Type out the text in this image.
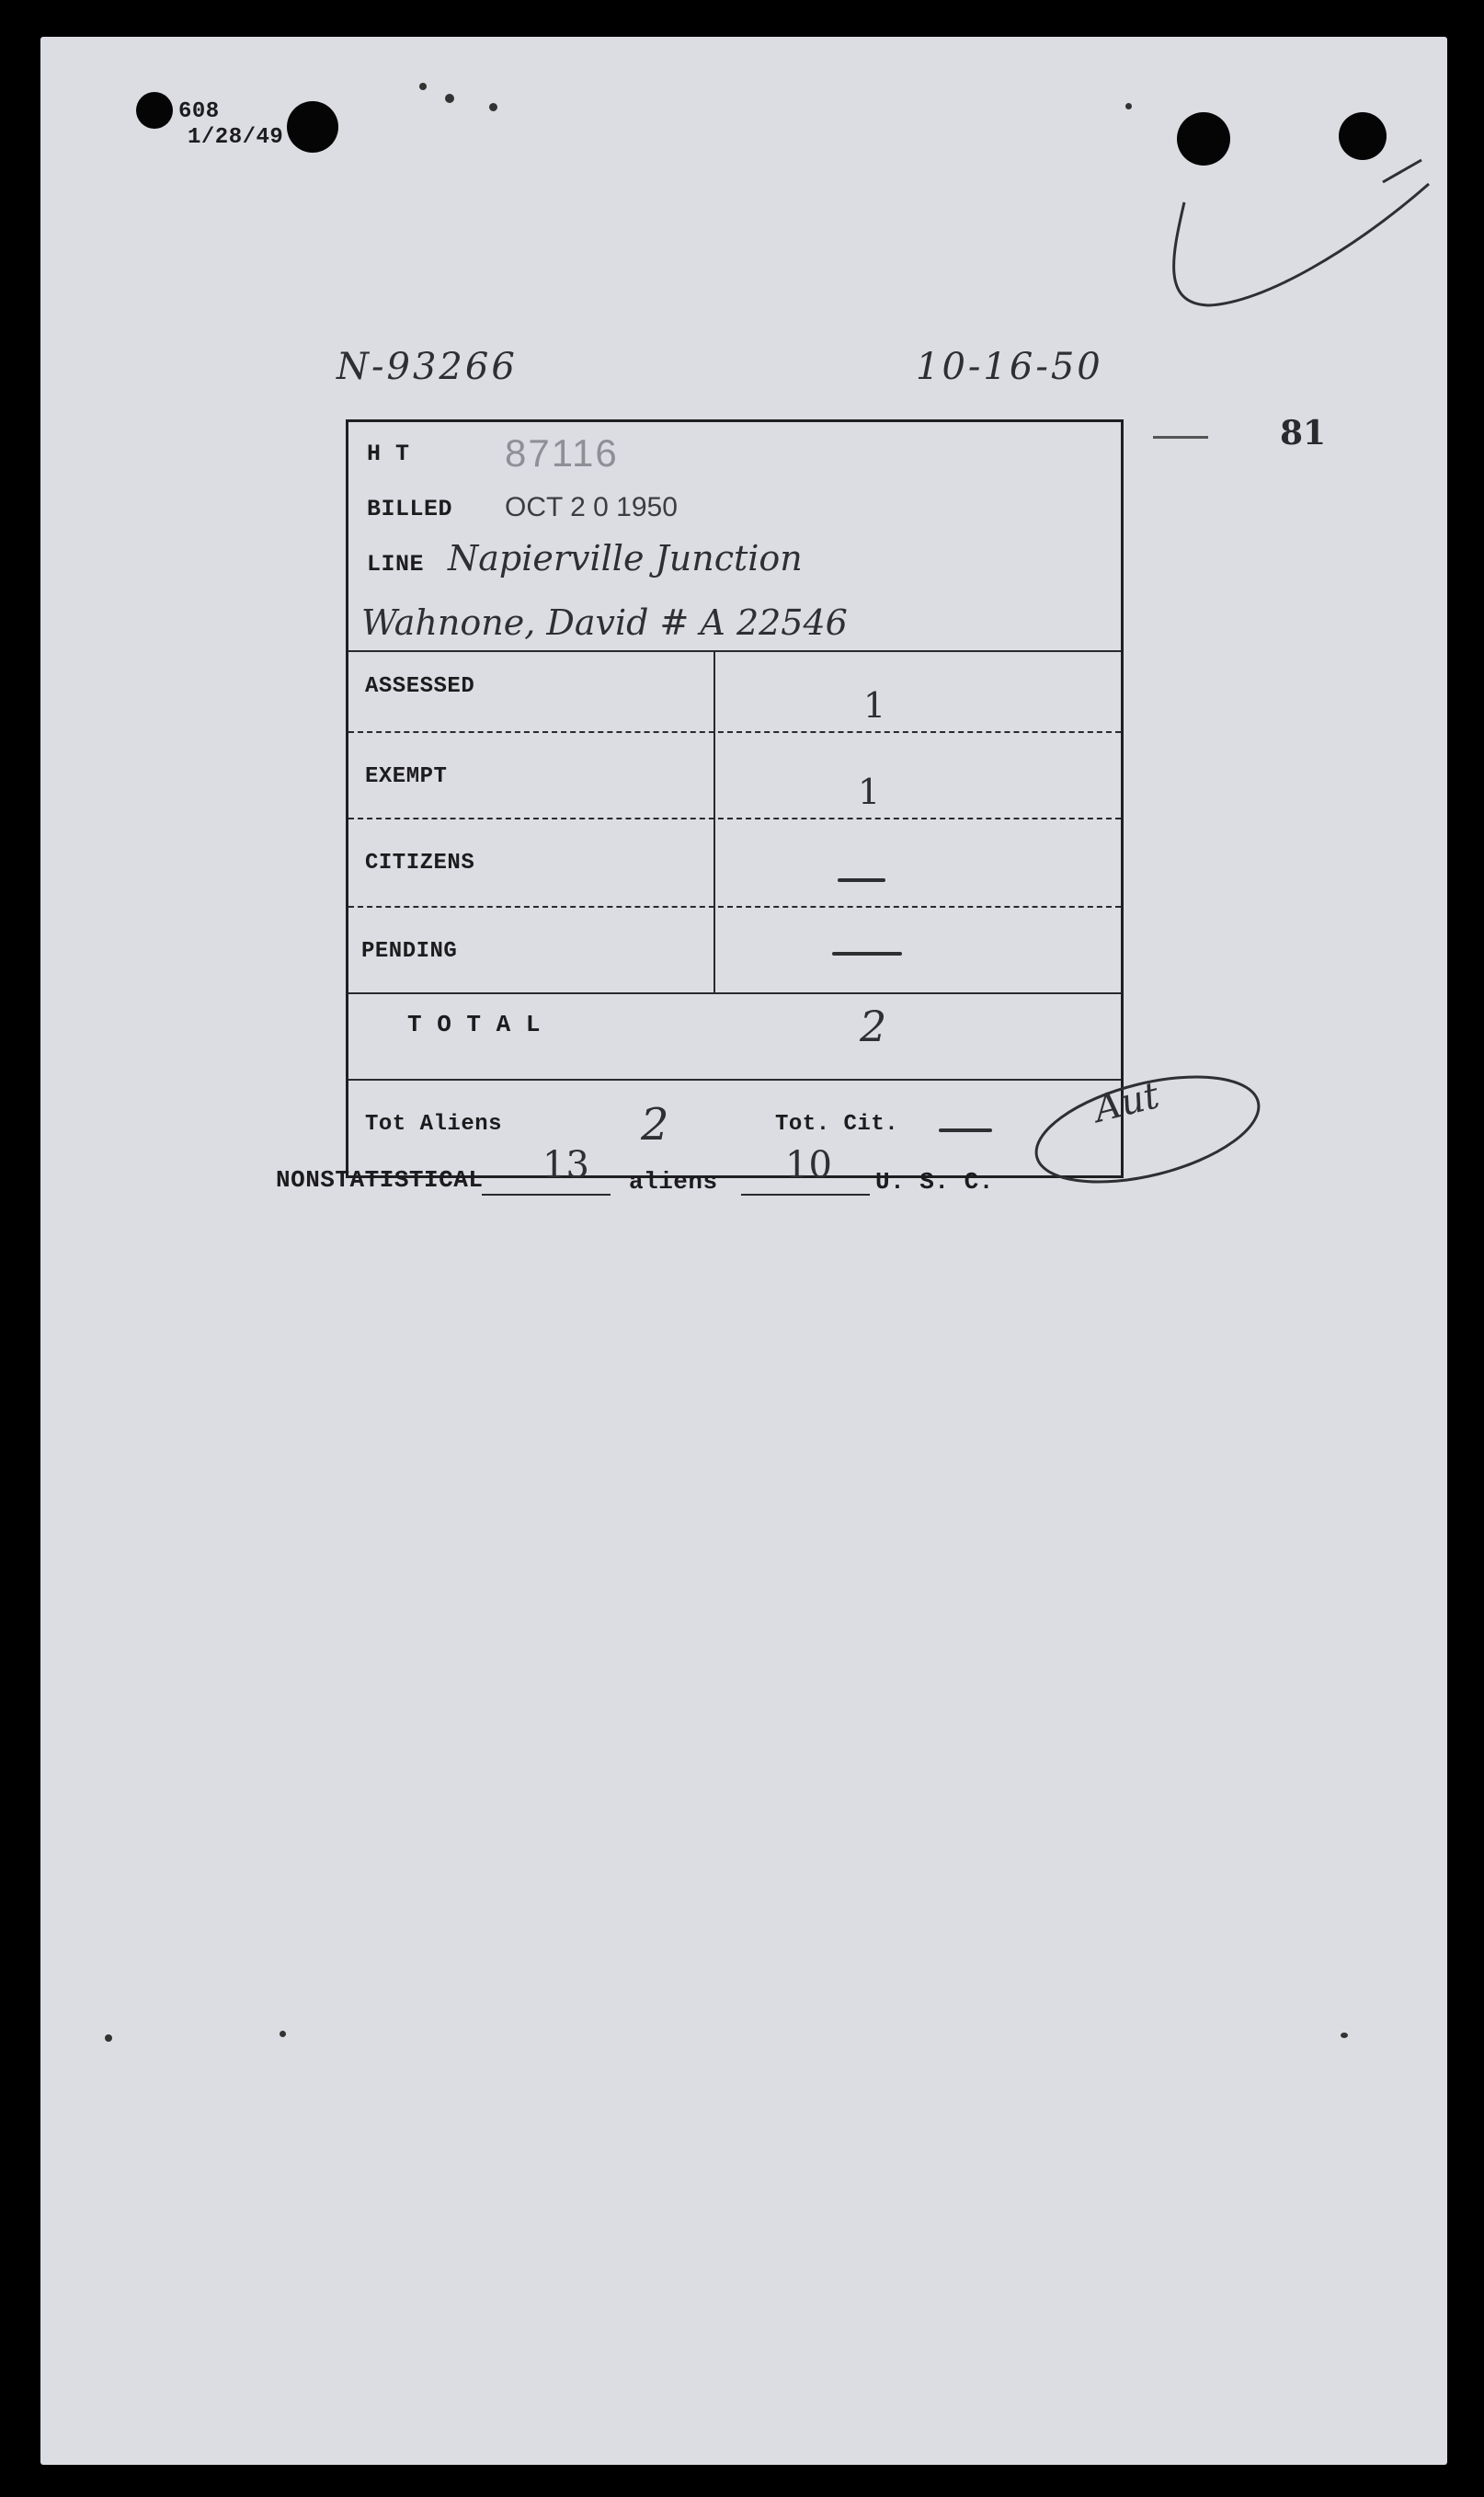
608
1/28/49
N-93266	10-16-50
81
H T 87116
BILLED OCT 2 0 1950
LINE Napierville Junction
Wahnone, David # A 22546
ASSESSED	1
EXEMPT	1
CITIZENS
PENDING
T O T A L	2
Tot Aliens	2	Tot. Cit.	Aut
NONSTATISTICAL 13 aliens 10 U. S. C.
